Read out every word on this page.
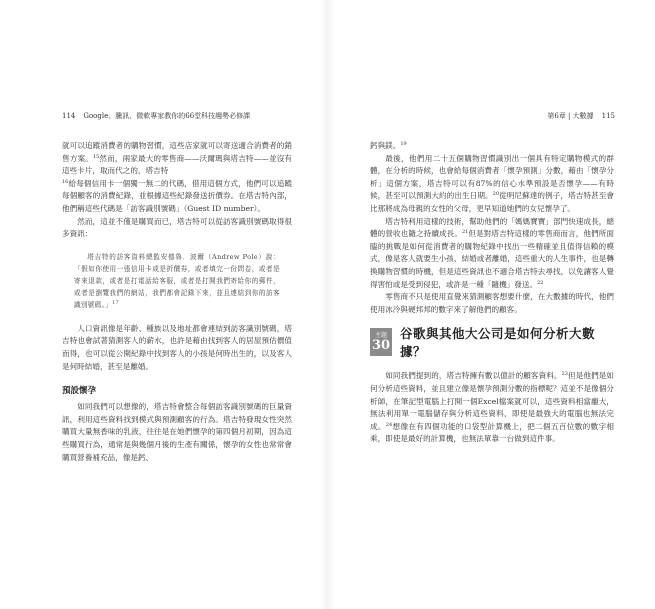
114 Google、騰訊、微軟專家教你的66堂科技趨勢必修課

就可以追蹤消費者的購物習慣，這些店家就可以寄送適合消費者的銷售方案。$^{15}$然而，兩家最大的零售商——沃爾瑪與塔吉特——並沒有這些卡片，取而代之的，塔吉特

$^{16}$給每個信用卡一個獨一無二的代碼，借用這個方式，他們可以追蹤每個顧客的消費紀錄，並根據這些紀錄發送折價券。在塔吉特內部，他們稱這些代碼是「訪客識別號碼」（Guest ID number）。

然而，這並不僅是購買而已，塔吉特可以從訪客識別號碼取得很多資訊：

塔吉特的訪客資料總監安德魯．波爾（Andrew Pole）說：「假如你使用一張信用卡或是折價券，或者填完一份問卷，或者是寄來退款，或者是打電話給客服，或者是打開我們寄給你的郵件，或者是瀏覽我們的網站，我們都會記錄下來，並且連結到你的訪客識別號碼。」$^{17}$

人口資訊像是年齡、種族以及地址都會連結到訪客識別號碼，塔吉特也會試著猜測客人的薪水，也許是藉由找到客人的居屋預估價值而得，也可以從公開紀錄中找到客人的小孩是何時出生的，以及客人是何時結婚，甚至是離婚。

預設懷孕

如同我們可以想像的，塔吉特會整合每個訪客識別號碼的巨量資訊，利用這些資料找到模式與預測顧客的行為。塔吉特發現女性突然購買大量無香味的乳液，往往是在她們懷孕的第四個月初期，因為這些購買行為，通常是與幾個月後的生產有關係，懷孕的女性也常常會購買營養補充品，像是鈣、

第6章 | 大數據 115

鈣與鎂。$^{19}$

最後，他們用二十五個購物習慣識別出一個具有特定購物模式的群體，在分析的時候，也會給每個消費者「懷孕預測」分數，藉由「懷孕分析」這個方案，塔吉特可以有87%的信心水準預設是否懷孕——有時候，甚至可以預測大約的出生日期。$^{20}$從明尼蘇達的例子，塔吉特甚至會比那將成為母親的女性的父母，更早知道她們的女兒懷孕了。

塔吉特利用這樣的技術，幫助他們的「媽媽寶寶」部門快速成長，總體的營收也隨之持續成長。$^{21}$但是對塔吉特這樣的零售商而言，他們所面臨的挑戰是如何從消費者的購物紀錄中找出一些精確並且值得信賴的模式，像是客人就要生小孩、結婚或者離婚，這些重大的人生事件，也是轉換購物習慣的時機，但是這些資訊也不適合塔吉特去尋找，以免讓客人覺得害怕或是受到侵犯，或許是一種「隨機」發送。$^{22}$

零售商不只是使用直覺來猜測顧客想要什麼，在大數據的時代，他們使用冰冷與硬邦邦的數字來了解他們的顧客。

主題
30
谷歌與其他大公司是如何分析大數據？

如同我們提到的，塔吉特擁有數以億計的顧客資料。$^{23}$但是他們是如何分析這些資料，並且建立像是懷孕預測分數的指標呢？這並不是像個分析師，在筆記型電腦上打開一個Excel檔案就可以，這些資料相當龐大，無法利用單一電腦儲存與分析這些資料，即使是最強大的電腦也無法完成。$^{24}$想像在有四個功能的口袋型計算機上，把二個五百位數的數字相乘，即使是最好的計算機，也無法單靠一台做到這件事。
